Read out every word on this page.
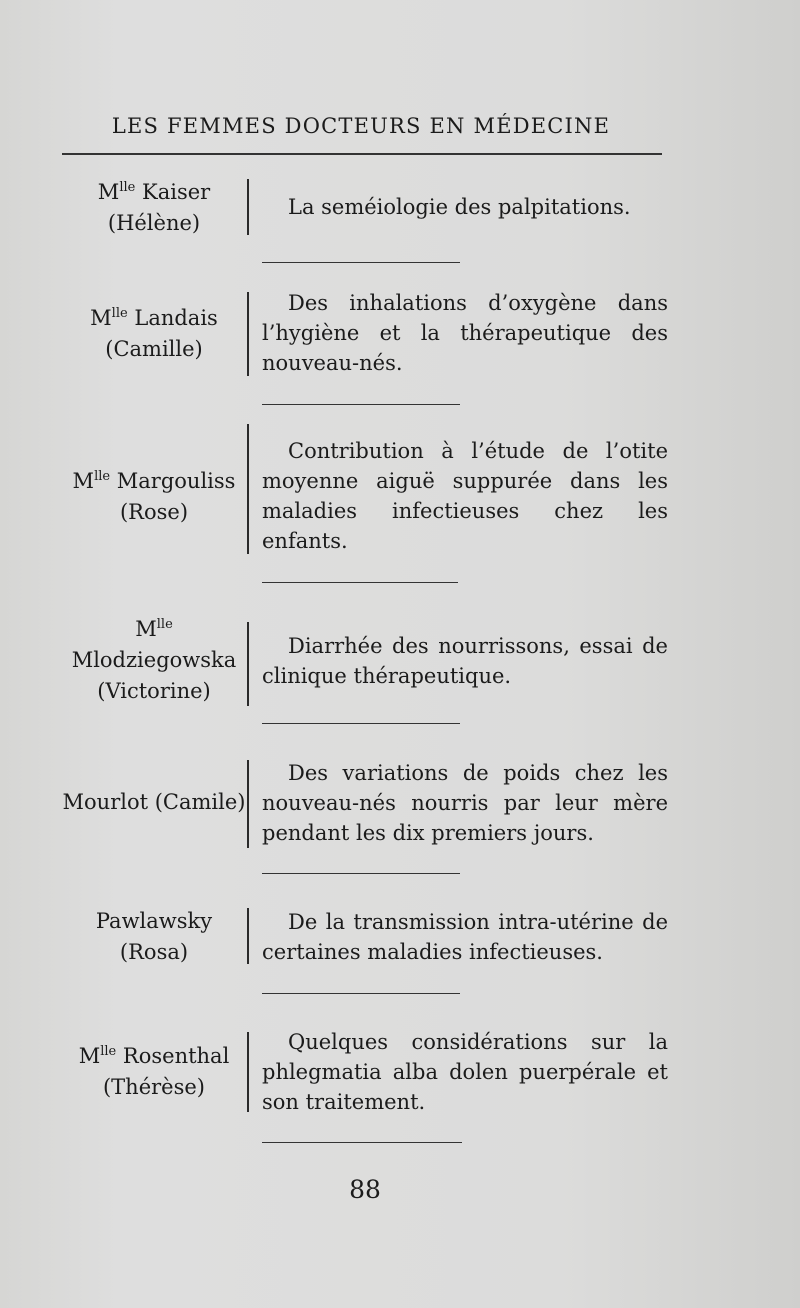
LES FEMMES DOCTEURS EN MÉDECINE
$M^{lle}$ Kaiser
(Hélène)
La seméiologie des palpitations.
$M^{lle}$ Landais
(Camille)
Des inhalations d’oxygène dans l’hygiène et la thérapeutique des nouveau-nés.
$M^{lle}$ Margouliss
(Rose)
Contribution à l’étude de l’otite moyenne aiguë suppurée dans les maladies infectieuses chez les enfants.
$M^{lle}$
Mlodziegowska
(Victorine)
Diarrhée des nourrissons, essai de clinique thérapeutique.
Mourlot (Camile)
Des variations de poids chez les nouveau-nés nourris par leur mère pendant les dix premiers jours.
Pawlawsky
(Rosa)
De la transmission intra-utérine de certaines maladies infectieuses.
$M^{lle}$ Rosenthal
(Thérèse)
Quelques considérations sur la phlegmatia alba dolen puerpérale et son traitement.
88
